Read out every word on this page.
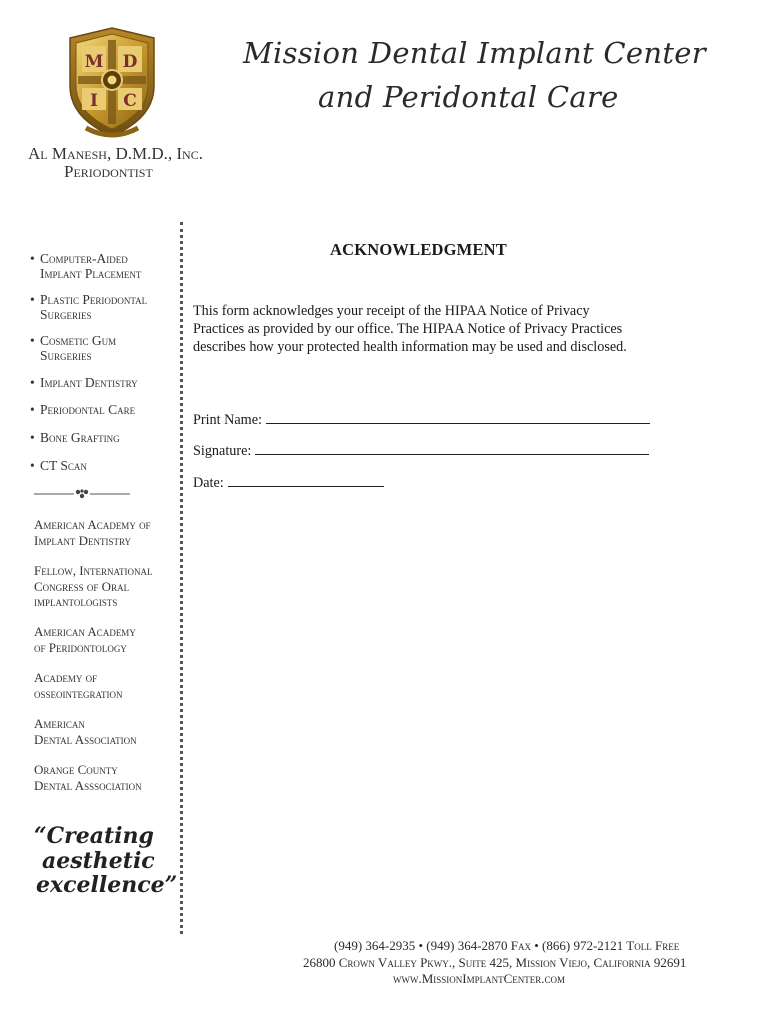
M D
I C
Mission Dental Implant Center
and Peridontal Care
Al Manesh, D.M.D., Inc.
Periodontist
• Computer-Aided
Implant Placement
• Plastic Periodontal
Surgeries
• Cosmetic Gum
Surgeries
• Implant Dentistry
• Periodontal Care
• Bone Grafting
• CT Scan
American Academy of
Implant Dentistry
Fellow, International
Congress of Oral
implantologists
American Academy
of Peridontology
Academy of
osseointegration
American
Dental Association
Orange County
Dental Asssociation
“Creating
aesthetic
excellence”
ACKNOWLEDGMENT
This form acknowledges your receipt of the HIPAA Notice of Privacy
Practices as provided by our office. The HIPAA Notice of Privacy Practices
describes how your protected health information may be used and disclosed.
Print Name:
Signature:
Date:
(949) 364-2935 • (949) 364-2870 Fax • (866) 972-2121 Toll Free
26800 Crown Valley Pkwy., Suite 425, Mission Viejo, California 92691
www.MissionImplantCenter.com
